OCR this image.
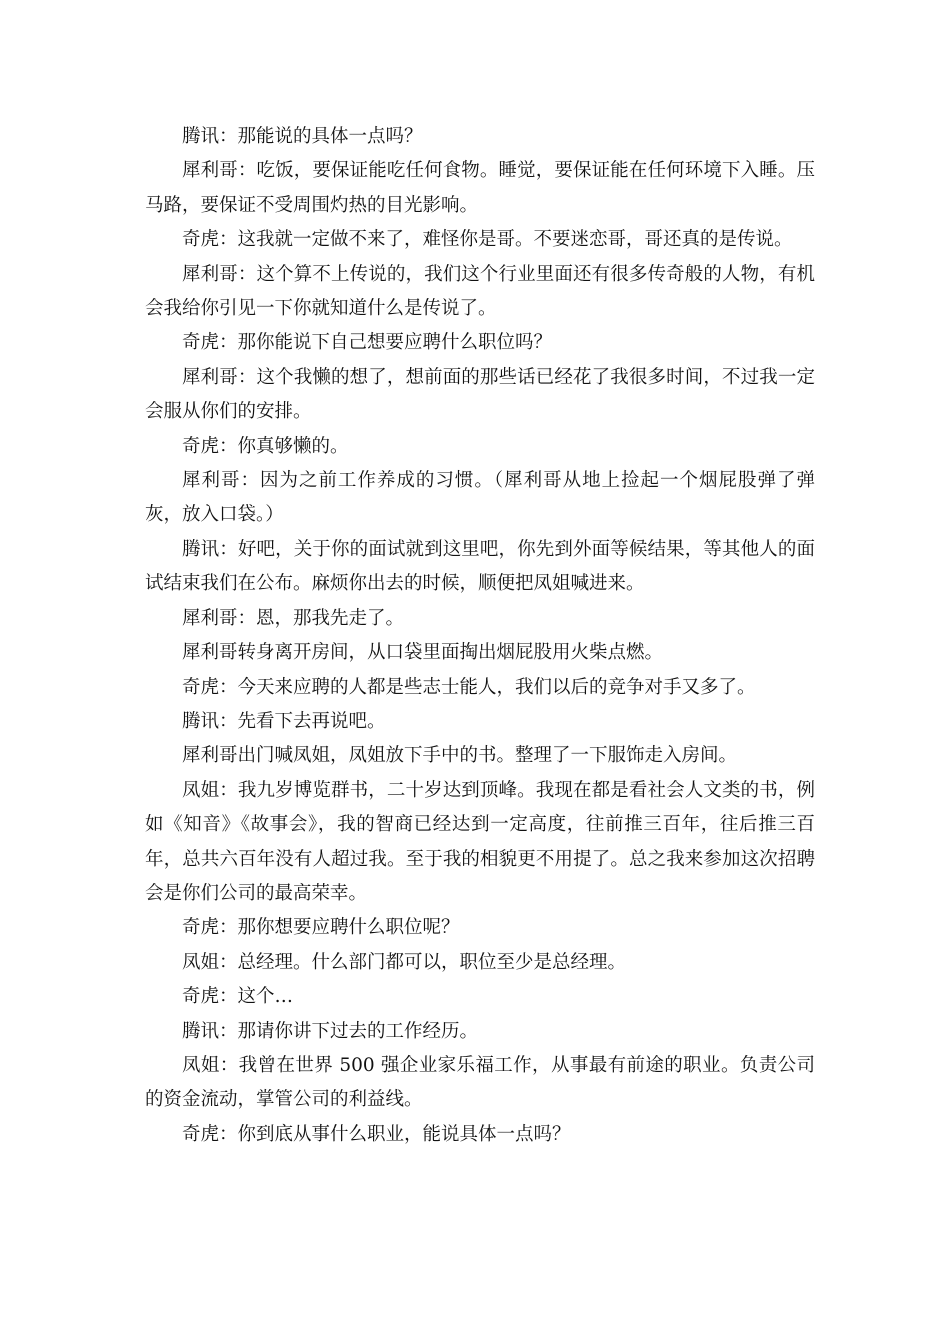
腾讯：那能说的具体一点吗？

犀利哥：吃饭，要保证能吃任何食物。睡觉，要保证能在任何环境下入睡。压马路，要保证不受周围灼热的目光影响。

奇虎：这我就一定做不来了，难怪你是哥。不要迷恋哥，哥还真的是传说。

犀利哥：这个算不上传说的，我们这个行业里面还有很多传奇般的人物，有机会我给你引见一下你就知道什么是传说了。

奇虎：那你能说下自己想要应聘什么职位吗？

犀利哥：这个我懒的想了，想前面的那些话已经花了我很多时间，不过我一定会服从你们的安排。

奇虎：你真够懒的。

犀利哥：因为之前工作养成的习惯。（犀利哥从地上捡起一个烟屁股弹了弹灰，放入口袋。）

腾讯：好吧，关于你的面试就到这里吧，你先到外面等候结果，等其他人的面试结束我们在公布。麻烦你出去的时候，顺便把凤姐喊进来。

犀利哥：恩，那我先走了。

犀利哥转身离开房间，从口袋里面掏出烟屁股用火柴点燃。

奇虎：今天来应聘的人都是些志士能人，我们以后的竞争对手又多了。

腾讯：先看下去再说吧。

犀利哥出门喊凤姐，凤姐放下手中的书。整理了一下服饰走入房间。

凤姐：我九岁博览群书，二十岁达到顶峰。我现在都是看社会人文类的书，例如《知音》《故事会》，我的智商已经达到一定高度，往前推三百年，往后推三百年，总共六百年没有人超过我。至于我的相貌更不用提了。总之我来参加这次招聘会是你们公司的最高荣幸。

奇虎：那你想要应聘什么职位呢？

凤姐：总经理。什么部门都可以，职位至少是总经理。

奇虎：这个…

腾讯：那请你讲下过去的工作经历。

凤姐：我曾在世界 500 强企业家乐福工作，从事最有前途的职业。负责公司的资金流动，掌管公司的利益线。

奇虎：你到底从事什么职业，能说具体一点吗？
